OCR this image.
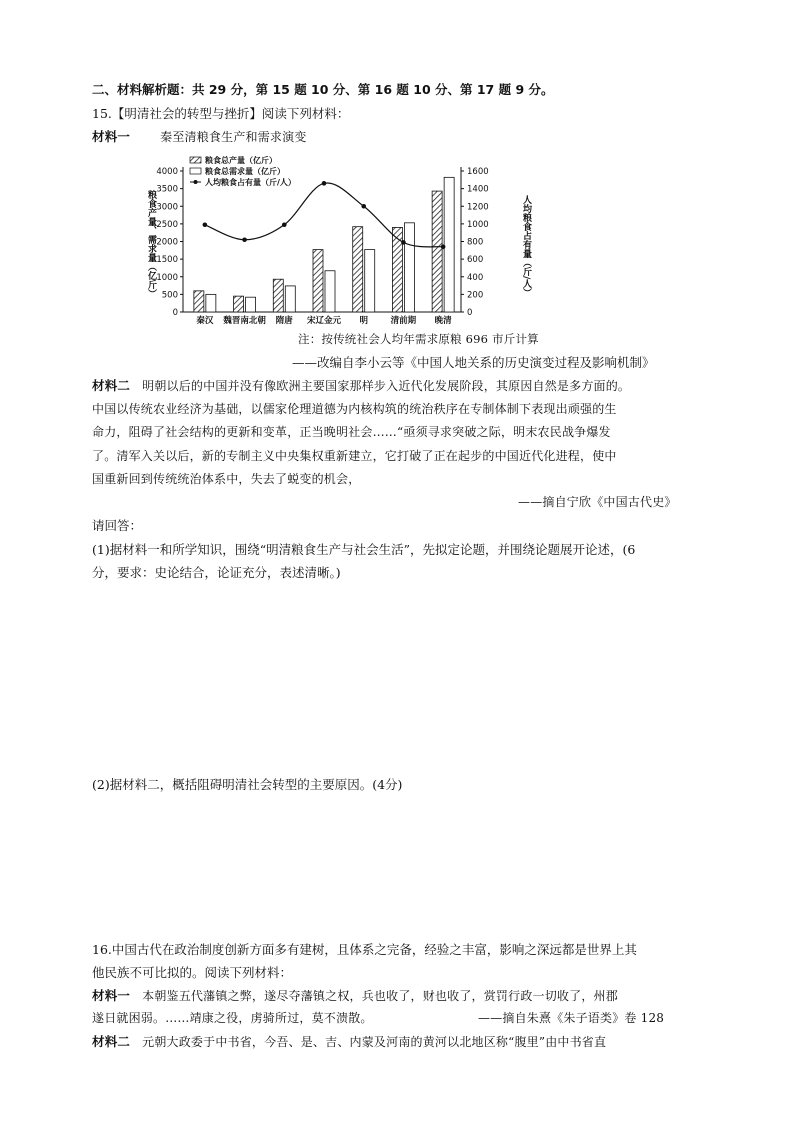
二、材料解析题：共 29 分，第 15 题 10 分、第 16 题 10 分、第 17 题 9 分。
15.【明清社会的转型与挫折】阅读下列材料：
材料一	秦至清粮食生产和需求演变
粮食产量、需求量（亿斤）	人均粮食占有量（斤/人）
0
500
1000
1500
2000
2500
3000
3500
4000
0
200
400
600
800
1000
1200
1400
1600
秦汉 魏晋南北朝 隋唐 宋辽金元 明	清前期 晚清
粮食总产量（亿斤）
粮食总需求量（亿斤）
人均粮食占有量（斤/人）
注：按传统社会人均年需求原粮 696 市斤计算
——改编自李小云等《中国人地关系的历史演变过程及影响机制》
材料二 明朝以后的中国并没有像欧洲主要国家那样步入近代化发展阶段，其原因自然是多方面的。
中国以传统农业经济为基础，以儒家伦理道德为内核构筑的统治秩序在专制体制下表现出顽强的生
命力，阻碍了社会结构的更新和变革，正当晚明社会……“亟须寻求突破之际，明末农民战争爆发
了。清军入关以后，新的专制主义中央集权重新建立，它打破了正在起步的中国近代化进程，使中
国重新回到传统统治体系中，失去了蜕变的机会，
——摘自宁欣《中国古代史》
请回答：
(1)据材料一和所学知识，围绕“明清粮食生产与社会生活”，先拟定论题，并围绕论题展开论述，(6
分，要求：史论结合，论证充分，表述清晰。)
(2)据材料二，概括阻碍明清社会转型的主要原因。(4分)
16.中国古代在政治制度创新方面多有建树，且体系之完备，经验之丰富，影响之深远都是世界上其
他民族不可比拟的。阅读下列材料：
材料一 本朝鉴五代藩镇之弊，遂尽夺藩镇之权，兵也收了，财也收了，赏罚行政一切收了，州郡
遂日就困弱。……靖康之役，虏骑所过，莫不溃散。	——摘自朱熹《朱子语类》卷 128
材料二 元朝大政委于中书省，今吾、是、吉、内蒙及河南的黄河以北地区称“腹里”由中书省直
